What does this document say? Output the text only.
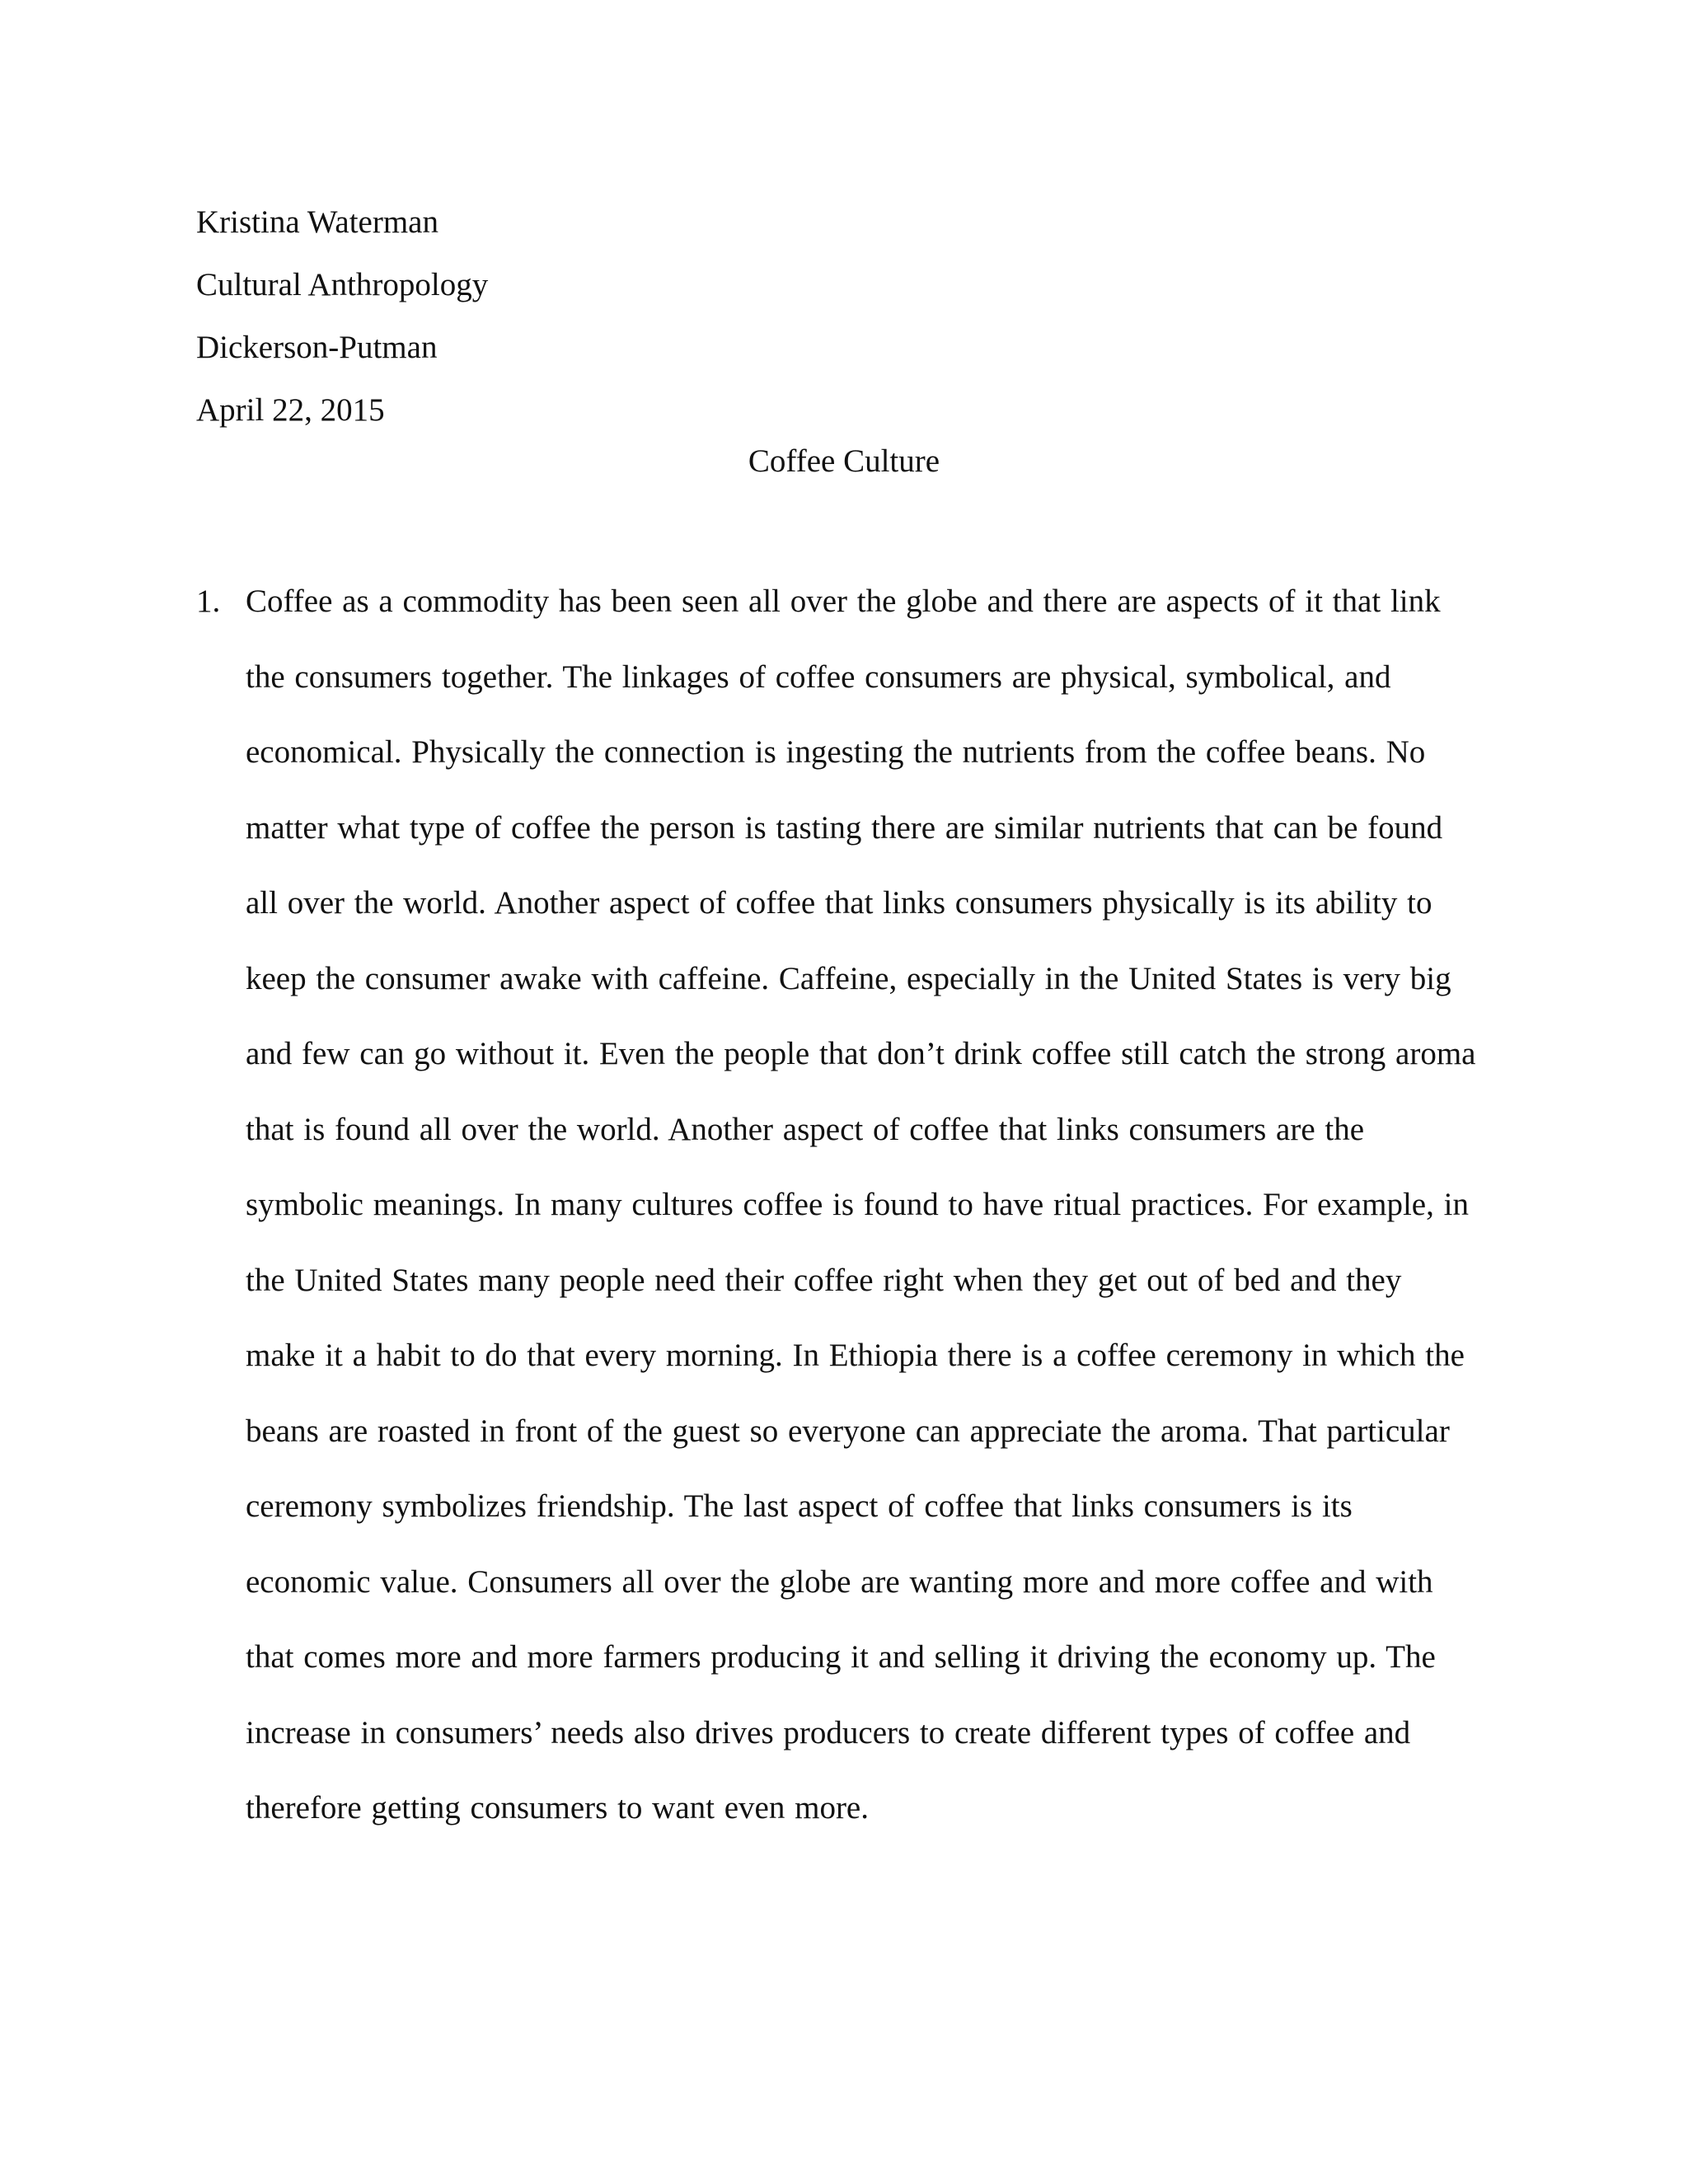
Kristina Waterman
Cultural Anthropology
Dickerson-Putman
April 22, 2015
Coffee Culture
1. Coffee as a commodity has been seen all over the globe and there are aspects of it that link
the consumers together. The linkages of coffee consumers are physical, symbolical, and
economical. Physically the connection is ingesting the nutrients from the coffee beans. No
matter what type of coffee the person is tasting there are similar nutrients that can be found
all over the world. Another aspect of coffee that links consumers physically is its ability to
keep the consumer awake with caffeine. Caffeine, especially in the United States is very big
and few can go without it. Even the people that don’t drink coffee still catch the strong aroma
that is found all over the world. Another aspect of coffee that links consumers are the
symbolic meanings. In many cultures coffee is found to have ritual practices. For example, in
the United States many people need their coffee right when they get out of bed and they
make it a habit to do that every morning. In Ethiopia there is a coffee ceremony in which the
beans are roasted in front of the guest so everyone can appreciate the aroma. That particular
ceremony symbolizes friendship. The last aspect of coffee that links consumers is its
economic value. Consumers all over the globe are wanting more and more coffee and with
that comes more and more farmers producing it and selling it driving the economy up. The
increase in consumers’ needs also drives producers to create different types of coffee and
therefore getting consumers to want even more.
